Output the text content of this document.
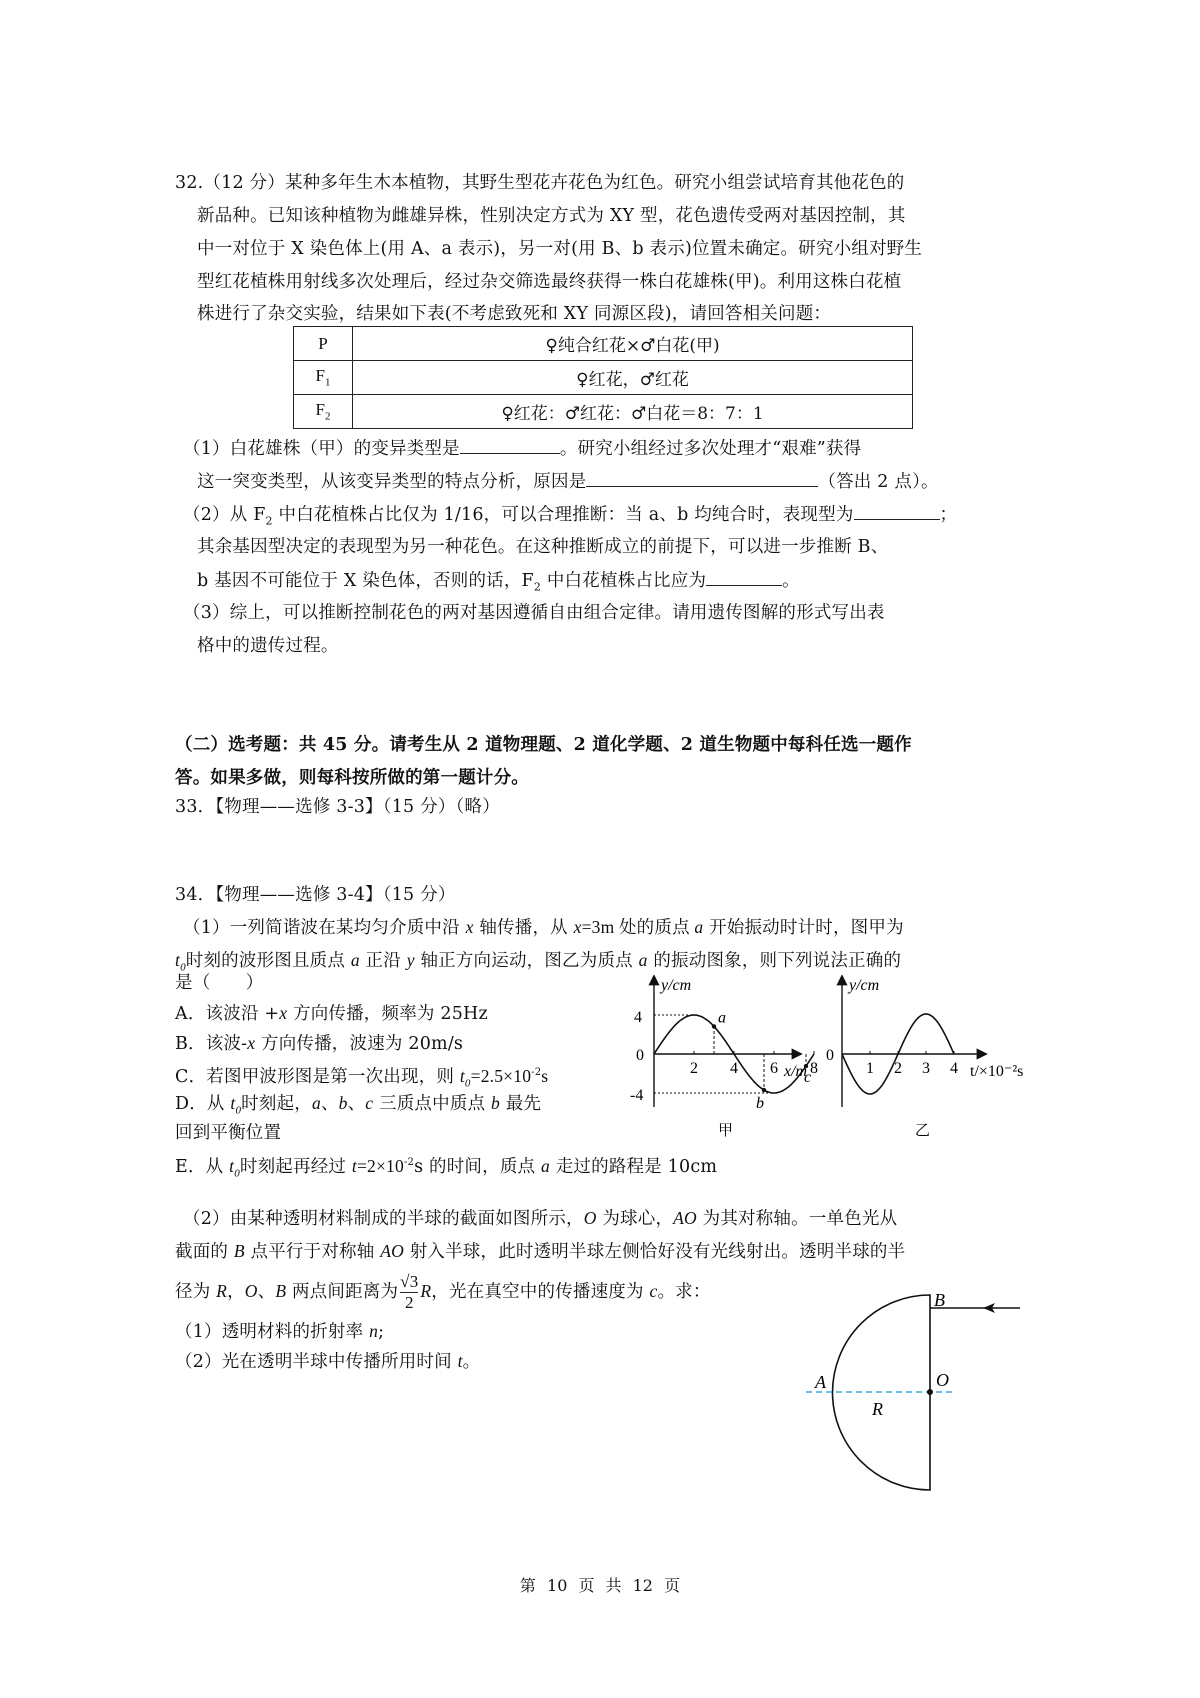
32.（12 分）某种多年生木本植物，其野生型花卉花色为红色。研究小组尝试培育其他花色的
新品种。已知该种植物为雌雄异株，性别决定方式为 XY 型，花色遗传受两对基因控制，其
中一对位于 X 染色体上(用 A、a 表示)，另一对(用 B、b 表示)位置未确定。研究小组对野生
型红花植株用射线多次处理后，经过杂交筛选最终获得一株白花雄株(甲)。利用这株白花植
株进行了杂交实验，结果如下表(不考虑致死和 XY 同源区段)，请回答相关问题：
P	♀纯合红花×♂白花(甲)
$F_1$	♀红花，♂红花
$F_2$	♀红花：♂红花：♂白花＝8：7：1
（1）白花雄株（甲）的变异类型是	。研究小组经过多次处理才“艰难”获得
这一突变类型，从该变异类型的特点分析，原因是	（答出 2 点）。
（2）从 $F_2$ 中白花植株占比仅为 1/16，可以合理推断：当 a、b 均纯合时，表现型为	；
其余基因型决定的表现型为另一种花色。在这种推断成立的前提下，可以进一步推断 B、
b 基因不可能位于 X 染色体，否则的话，$F_2$ 中白花植株占比应为	。
（3）综上，可以推断控制花色的两对基因遵循自由组合定律。请用遗传图解的形式写出表
格中的遗传过程。
（二）选考题：共 45 分。请考生从 2 道物理题、2 道化学题、2 道生物题中每科任选一题作
答。如果多做，则每科按所做的第一题计分。
33．【物理——选修 3-3】（15 分）（略）
34．【物理——选修 3-4】（15 分）
（1）一列简谐波在某均匀介质中沿 x 轴传播，从 x=3m 处的质点 a 开始振动时计时，图甲为
$t_0$时刻的波形图且质点 a 正沿 y 轴正方向运动，图乙为质点 a 的振动图象，则下列说法正确的
是（　　）
A．该波沿 +x 方向传播，频率为 25Hz
B．该波-x 方向传播，波速为 20m/s
C．若图甲波形图是第一次出现，则 $t_0=2.5\times 10^{-2}s$
D．从 $t_0$时刻起，a、b、c 三质点中质点 b 最先
回到平衡位置
E．从 $t_0$时刻起再经过 $t=2\times 10^{-2}s$ 的时间，质点 a 走过的路程是 10cm
a
b
c
y/cm
x/m
4
0
-4
2 4 6 8
甲
y/cm
0
t/×10⁻²s
1 2 3 4
乙
（2）由某种透明材料制成的半球的截面如图所示，O 为球心，AO 为其对称轴。一单色光从
截面的 B 点平行于对称轴 AO 射入半球，此时透明半球左侧恰好没有光线射出。透明半球的半
径为 R，O、B 两点间距离为 $\frac{√3}{2}$ R，光在真空中的传播速度为 c。求：
（1）透明材料的折射率 n;
（2）光在透明半球中传播所用时间 t。
B
A	O
R
第 10 页 共 12 页
